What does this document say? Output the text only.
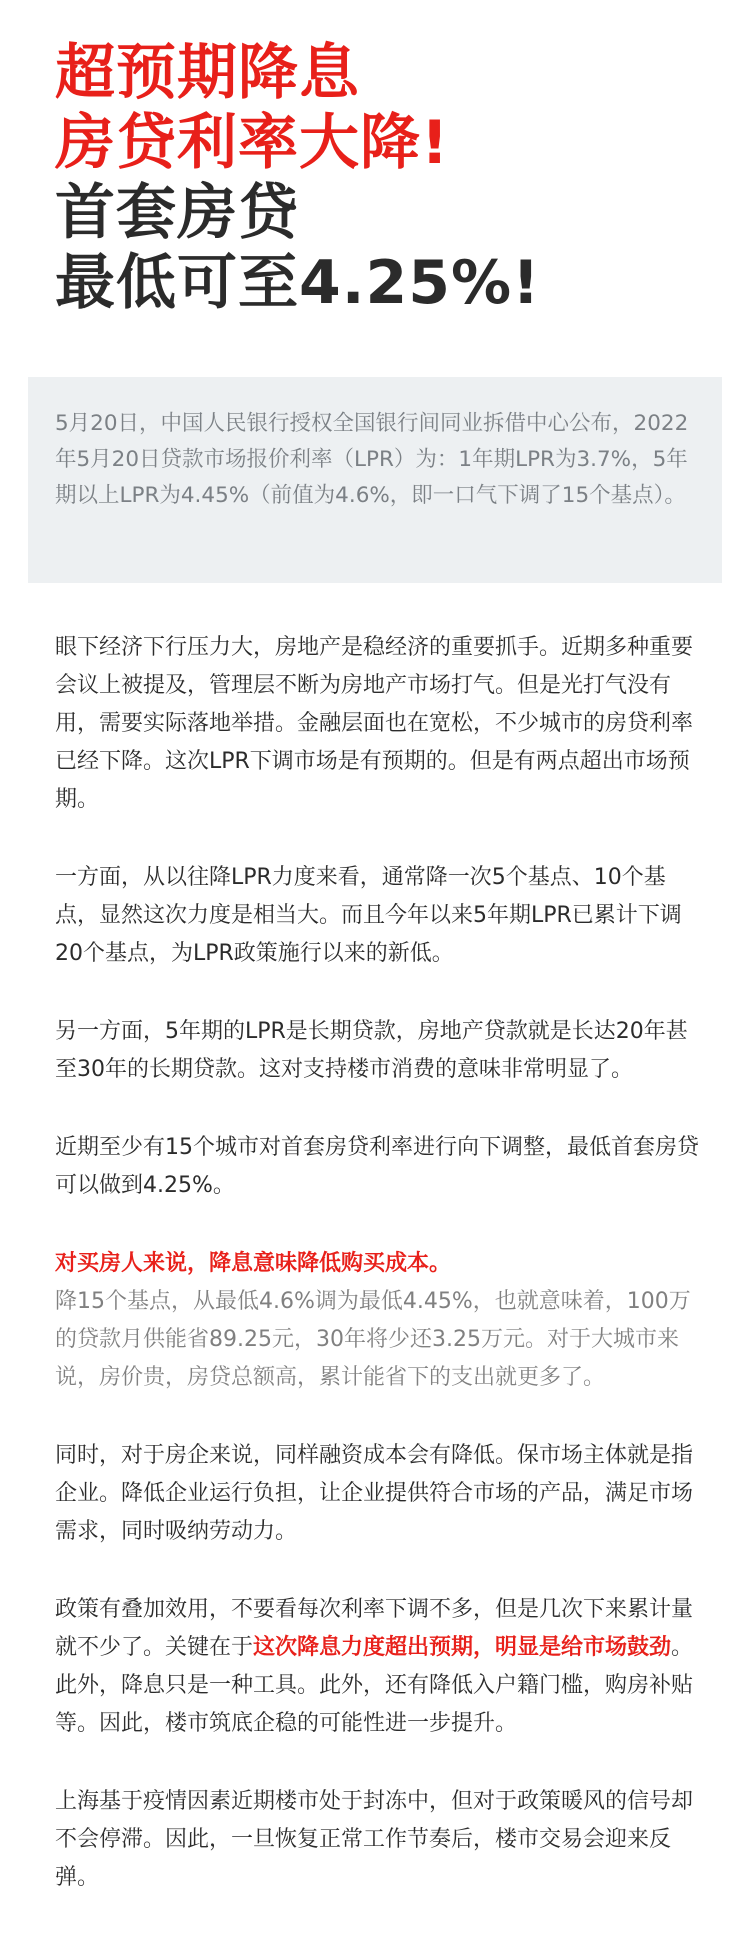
超预期降息
房贷利率大降!
首套房贷
最低可至4.25%!
5月20日，中国人民银行授权全国银行间同业拆借中心公布，2022年5月20日贷款市场报价利率（LPR）为：1年期LPR为3.7%，5年期以上LPR为4.45%（前值为4.6%，即一口气下调了15个基点）。

眼下经济下行压力大，房地产是稳经济的重要抓手。近期多种重要会议上被提及，管理层不断为房地产市场打气。但是光打气没有用，需要实际落地举措。金融层面也在宽松，不少城市的房贷利率已经下降。这次LPR下调市场是有预期的。但是有两点超出市场预期。

一方面，从以往降LPR力度来看，通常降一次5个基点、10个基点，显然这次力度是相当大。而且今年以来5年期LPR已累计下调20个基点，为LPR政策施行以来的新低。

另一方面，5年期的LPR是长期贷款，房地产贷款就是长达20年甚至30年的长期贷款。这对支持楼市消费的意味非常明显了。

近期至少有15个城市对首套房贷利率进行向下调整，最低首套房贷可以做到4.25%。

对买房人来说，降息意味降低购买成本。

降15个基点，从最低4.6%调为最低4.45%，也就意味着，100万的贷款月供能省89.25元，30年将少还3.25万元。对于大城市来说，房价贵，房贷总额高，累计能省下的支出就更多了。

同时，对于房企来说，同样融资成本会有降低。保市场主体就是指企业。降低企业运行负担，让企业提供符合市场的产品，满足市场需求，同时吸纳劳动力。

政策有叠加效用，不要看每次利率下调不多，但是几次下来累计量就不少了。关键在于这次降息力度超出预期，明显是给市场鼓劲。此外，降息只是一种工具。此外，还有降低入户籍门槛，购房补贴等。因此，楼市筑底企稳的可能性进一步提升。

上海基于疫情因素近期楼市处于封冻中，但对于政策暖风的信号却不会停滞。因此，一旦恢复正常工作节奏后，楼市交易会迎来反弹。
